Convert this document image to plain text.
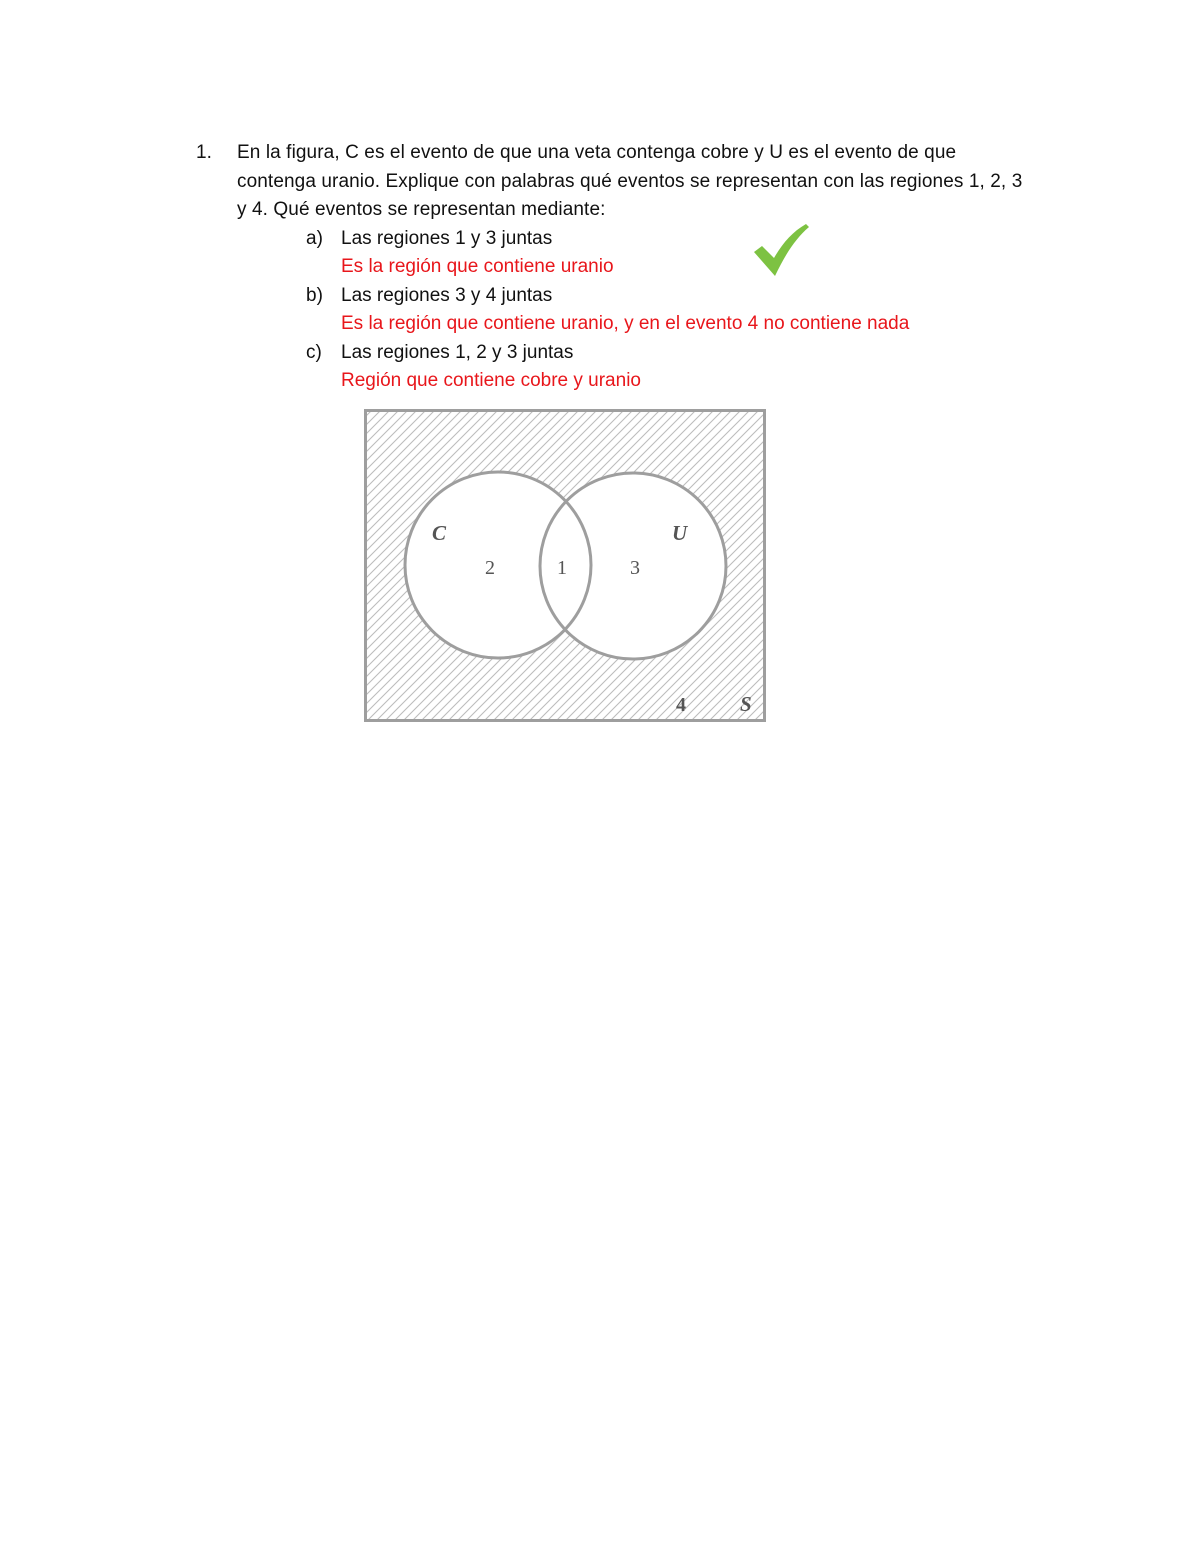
1. En la figura, C es el evento de que una veta contenga cobre y U es el evento de que
contenga uranio. Explique con palabras qué eventos se representan con las regiones 1, 2, 3
y 4. Qué eventos se representan mediante:
a) Las regiones 1 y 3 juntas
Es la región que contiene uranio
b) Las regiones 3 y 4 juntas
Es la región que contiene uranio, y en el evento 4 no contiene nada
c) Las regiones 1, 2 y 3 juntas
Región que contiene cobre y uranio
C	U
2	1	3
4	S
